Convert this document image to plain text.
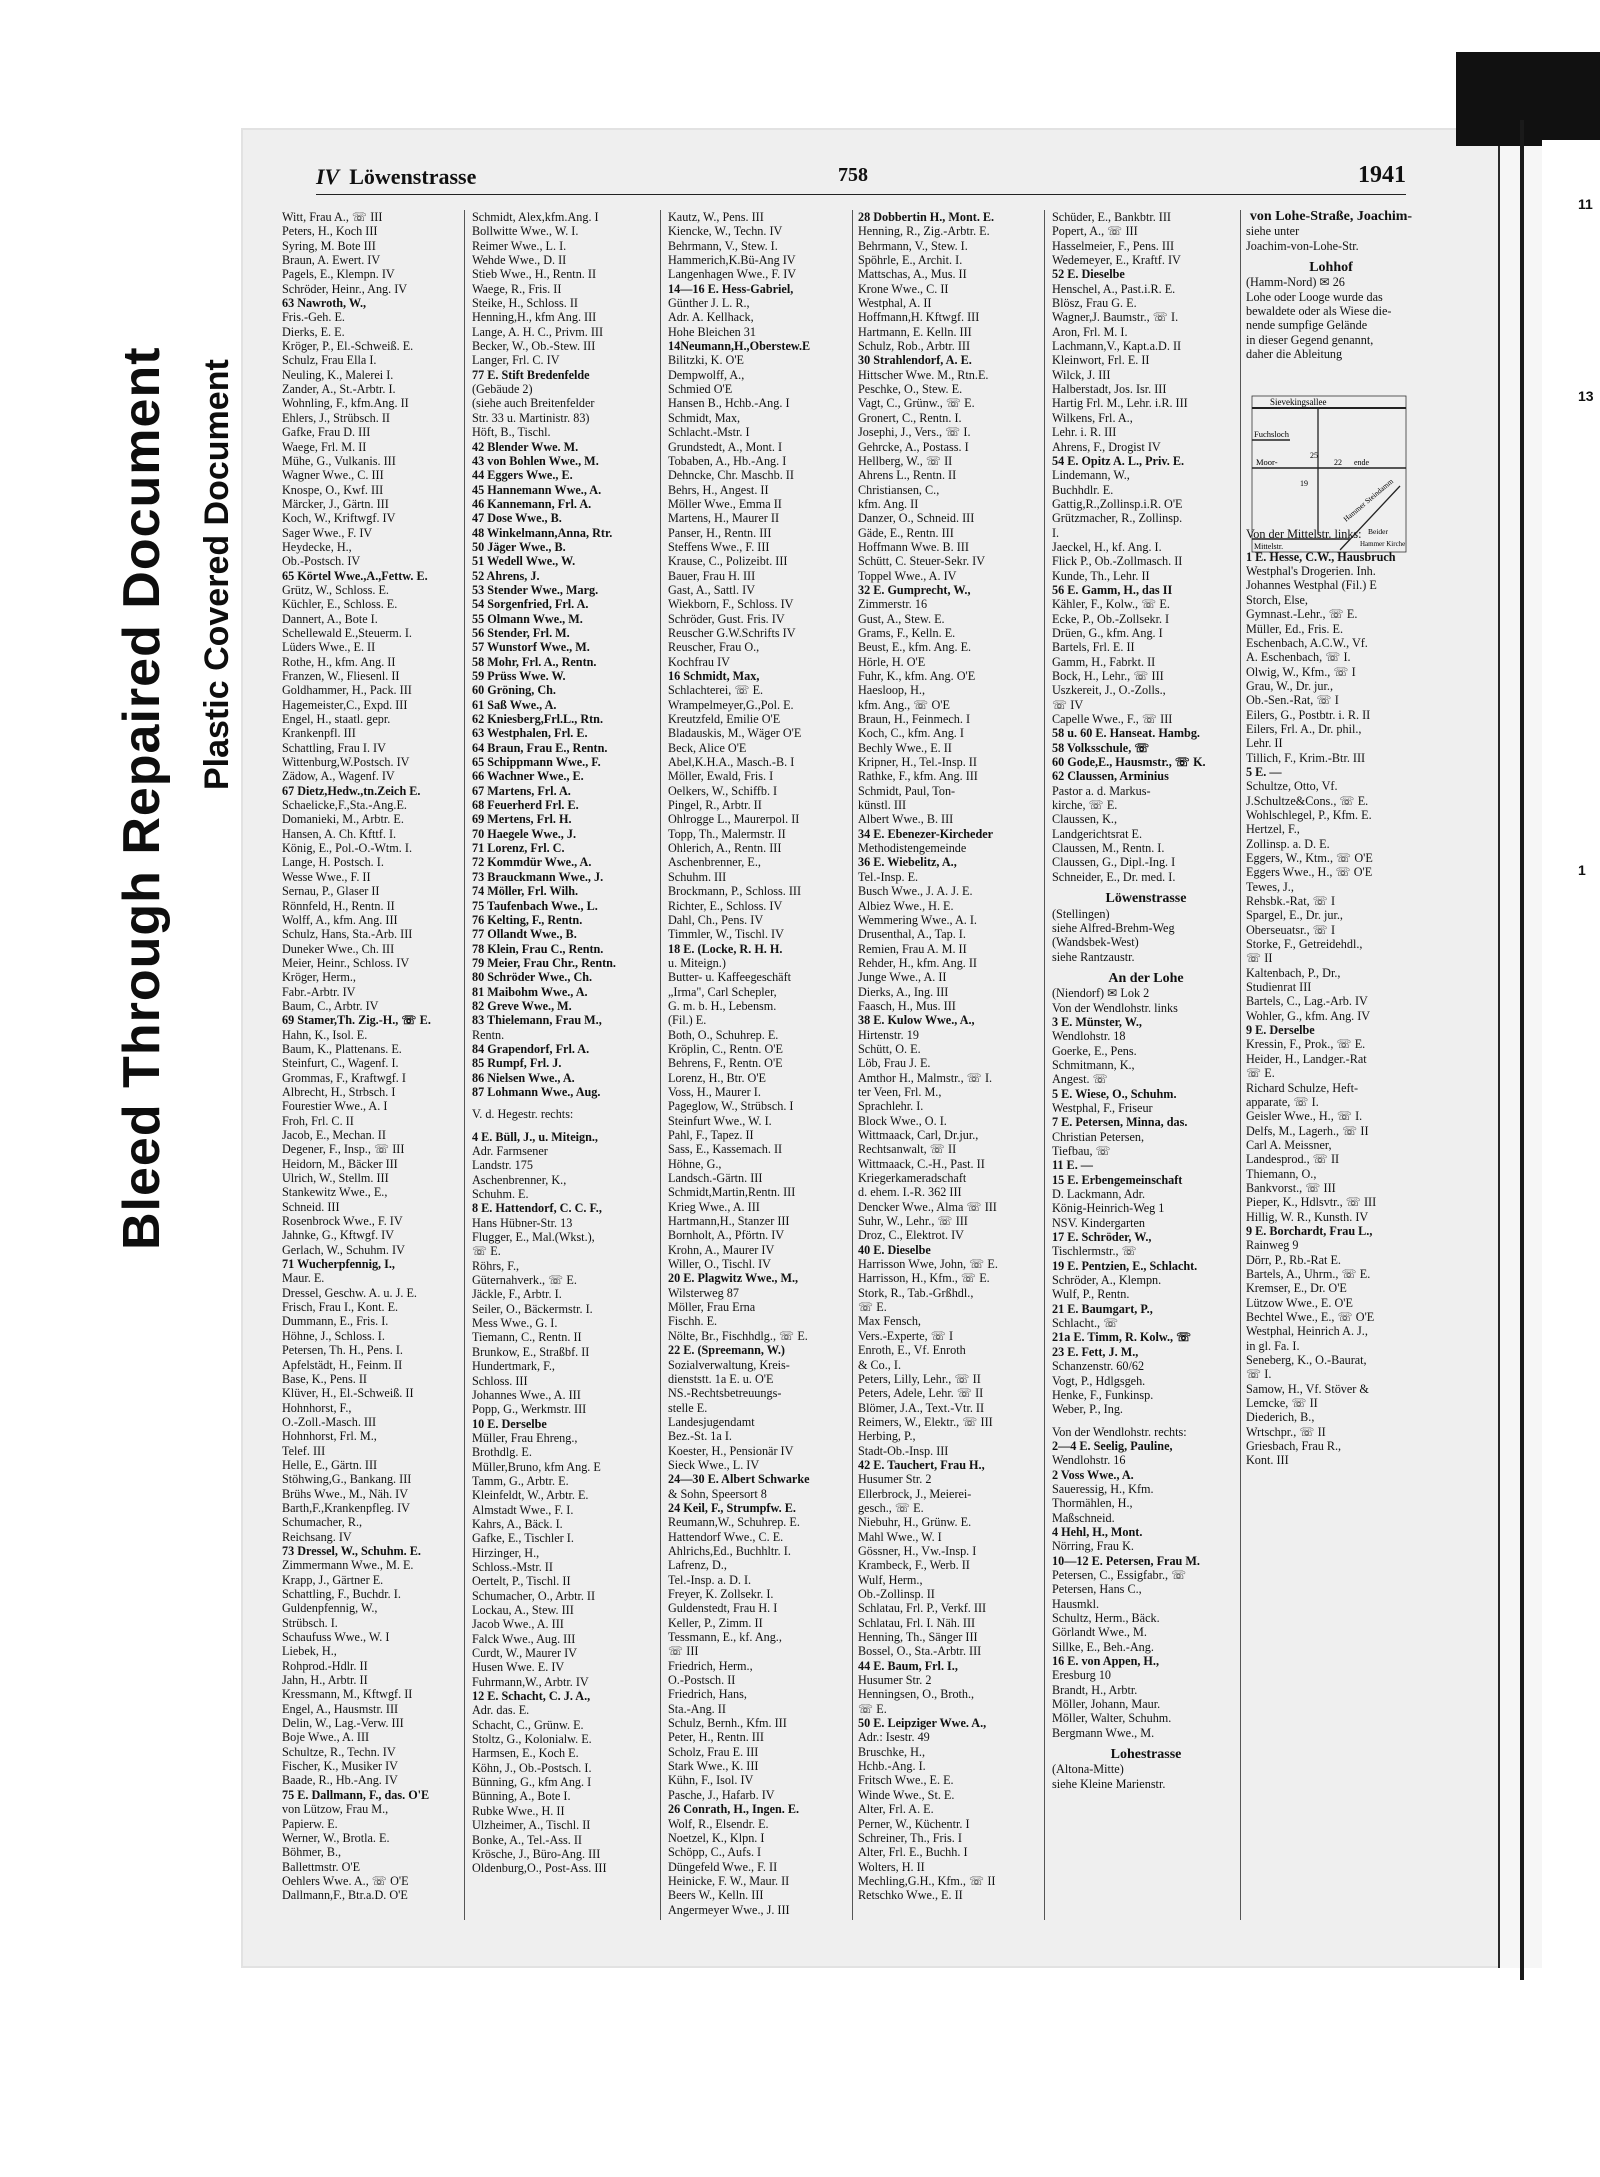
11
13
1
Bleed Through Repaired Document Plastic Covered Document
IV Löwenstrasse	758	1941
Witt, Frau A., ☏ III
Peters, H., Koch III
Syring, M. Bote III
Braun, A. Ewert. IV
Pagels, E., Klempn. IV
Schröder, Heinr., Ang. IV
63 Nawroth, W.,
Fris.-Geh. E.
Dierks, E. E.
Kröger, P., El.-Schweiß. E.
Schulz, Frau Ella I.
Neuling, K., Malerei I.
Zander, A., St.-Arbtr. I.
Wohnling, F., kfm.Ang. II
Ehlers, J., Strübsch. II
Gafke, Frau D. III
Waege, Frl. M. II
Mühe, G., Vulkanis. III
Wagner Wwe., C. III
Knospe, O., Kwf. III
Märcker, J., Gärtn. III
Koch, W., Kriftwgf. IV
Sager Wwe., F. IV
Heydecke, H.,
Ob.-Postsch. IV
65 Körtel Wwe.,A.,Fettw. E.
Grütz, W., Schloss. E.
Küchler, E., Schloss. E.
Dannert, A., Bote I.
Schellewald E.,Steuerm. I.
Lüders Wwe., E. II
Rothe, H., kfm. Ang. II
Franzen, W., Fliesenl. II
Goldhammer, H., Pack. III
Hagemeister,C., Expd. III
Engel, H., staatl. gepr.
Krankenpfl. III
Schattling, Frau I. IV
Wittenburg,W.Postsch. IV
Zädow, A., Wagenf. IV
67 Dietz,Hedw.,tn.Zeich E.
Schaelicke,F.,Sta.-Ang.E.
Domanieki, M., Arbtr. E.
Hansen, A. Ch. Kfttf. I.
König, E., Pol.-O.-Wtm. I.
Lange, H. Postsch. I.
Wesse Wwe., F. II
Sernau, P., Glaser II
Rönnfeld, H., Rentn. II
Wolff, A., kfm. Ang. III
Schulz, Hans, Sta.-Arb. III
Duneker Wwe., Ch. III
Meier, Heinr., Schloss. IV
Kröger, Herm.,
Fabr.-Arbtr. IV
Baum, C., Arbtr. IV
69 Stamer,Th. Zig.-H., ☏ E.
Hahn, K., Isol. E.
Baum, K., Plattenans. E.
Steinfurt, C., Wagenf. I.
Grommas, F., Kraftwgf. I
Albrecht, H., Strbsch. I
Fourestier Wwe., A. I
Froh, Frl. C. II
Jacob, E., Mechan. II
Degener, F., Insp., ☏ III
Heidorn, M., Bäcker III
Ulrich, W., Stellm. III
Stankewitz Wwe., E.,
Schneid. III
Rosenbrock Wwe., F. IV
Jahnke, G., Kftwgf. IV
Gerlach, W., Schuhm. IV
71 Wucherpfennig, I.,
Maur. E.
Dressel, Geschw. A. u. J. E.
Frisch, Frau I., Kont. E.
Dummann, E., Fris. I.
Höhne, J., Schloss. I.
Petersen, Th. H., Pens. I.
Apfelstädt, H., Feinm. II
Base, K., Pens. II
Klüver, H., El.-Schweiß. II
Hohnhorst, F.,
O.-Zoll.-Masch. III
Hohnhorst, Frl. M.,
Telef. III
Helle, E., Gärtn. III
Stöhwing,G., Bankang. III
Brühs Wwe., M., Näh. IV
Barth,F.,Krankenpfleg. IV
Schumacher, R.,
Reichsang. IV
73 Dressel, W., Schuhm. E.
Zimmermann Wwe., M. E.
Krapp, J., Gärtner E.
Schattling, F., Buchdr. I.
Guldenpfennig, W.,
Strübsch. I.
Schaufuss Wwe., W. I
Liebek, H.,
Rohprod.-Hdlr. II
Jahn, H., Arbtr. II
Kressmann, M., Kftwgf. II
Engel, A., Hausmstr. III
Delin, W., Lag.-Verw. III
Boje Wwe., A. III
Schultze, R., Techn. IV
Fischer, K., Musiker IV
Baade, R., Hb.-Ang. IV
75 E. Dallmann, F., das. O'E
von Lützow, Frau M.,
Papierw. E.
Werner, W., Brotla. E.
Böhmer, B.,
Ballettmstr. O'E
Oehlers Wwe. A., ☏ O'E
Dallmann,F., Btr.a.D. O'E
Schmidt, Alex,kfm.Ang. I
Bollwitte Wwe., W. I.
Reimer Wwe., L. I.
Wehde Wwe., D. II
Stieb Wwe., H., Rentn. II
Waege, R., Fris. II
Steike, H., Schloss. II
Henning,H., kfm Ang. III
Lange, A. H. C., Privm. III
Becker, W., Ob.-Stew. III
Langer, Frl. C. IV
77 E. Stift Bredenfelde
(Gebäude 2)
(siehe auch Breitenfelder
Str. 33 u. Martinistr. 83)
Höft, B., Tischl.
42 Blender Wwe. M.
43 von Bohlen Wwe., M.
44 Eggers Wwe., E.
45 Hannemann Wwe., A.
46 Kannemann, Frl. A.
47 Dose Wwe., B.
48 Winkelmann,Anna, Rtr.
50 Jäger Wwe., B.
51 Wedell Wwe., W.
52 Ahrens, J.
53 Stender Wwe., Marg.
54 Sorgenfried, Frl. A.
55 Olmann Wwe., M.
56 Stender, Frl. M.
57 Wunstorf Wwe., M.
58 Mohr, Frl. A., Rentn.
59 Prüss Wwe. W.
60 Gröning, Ch.
61 Saß Wwe., A.
62 Kniesberg,Frl.L., Rtn.
63 Westphalen, Frl. E.
64 Braun, Frau E., Rentn.
65 Schippmann Wwe., F.
66 Wachner Wwe., E.
67 Martens, Frl. A.
68 Feuerherd Frl. E.
69 Mertens, Frl. H.
70 Haegele Wwe., J.
71 Lorenz, Frl. C.
72 Kommdür Wwe., A.
73 Brauckmann Wwe., J.
74 Möller, Frl. Wilh.
75 Taufenbach Wwe., L.
76 Kelting, F., Rentn.
77 Ollandt Wwe., B.
78 Klein, Frau C., Rentn.
79 Meier, Frau Chr., Rentn.
80 Schröder Wwe., Ch.
81 Maibohm Wwe., A.
82 Greve Wwe., M.
83 Thielemann, Frau M.,
Rentn.
84 Grapendorf, Frl. A.
85 Rumpf, Frl. J.
86 Nielsen Wwe., A.
87 Lohmann Wwe., Aug.
V. d. Hegestr. rechts:
4 E. Büll, J., u. Miteign.,
Adr. Farmsener
Landstr. 175
Aschenbrenner, K.,
Schuhm. E.
8 E. Hattendorf, C. C. F.,
Hans Hübner-Str. 13
Flugger, E., Mal.(Wkst.),
☏ E.
Röhrs, F.,
Güternahverk., ☏ E.
Jäckle, F., Arbtr. I.
Seiler, O., Bäckermstr. I.
Mess Wwe., G. I.
Tiemann, C., Rentn. II
Brunkow, E., Straßbf. II
Hundertmark, F.,
Schloss. III
Johannes Wwe., A. III
Popp, G., Werkmstr. III
10 E. Derselbe
Müller, Frau Ehreng.,
Brothdlg. E.
Müller,Bruno, kfm Ang. E
Tamm, G., Arbtr. E.
Kleinfeldt, W., Arbtr. E.
Almstadt Wwe., F. I.
Kahrs, A., Bäck. I.
Gafke, E., Tischler I.
Hirzinger, H.,
Schloss.-Mstr. II
Oertelt, P., Tischl. II
Schumacher, O., Arbtr. II
Lockau, A., Stew. III
Jacob Wwe., A. III
Falck Wwe., Aug. III
Curdt, W., Maurer IV
Husen Wwe. E. IV
Fuhrmann,W., Arbtr. IV
12 E. Schacht, C. J. A.,
Adr. das. E.
Schacht, C., Grünw. E.
Stoltz, G., Kolonialw. E.
Harmsen, E., Koch E.
Köhn, J., Ob.-Postsch. I.
Bünning, G., kfm Ang. I
Bünning, A., Bote I.
Rubke Wwe., H. II
Ulzheimer, A., Tischl. II
Bonke, A., Tel.-Ass. II
Krösche, J., Büro-Ang. III
Oldenburg,O., Post-Ass. III
Kautz, W., Pens. III
Kiencke, W., Techn. IV
Behrmann, V., Stew. I.
Hammerich,K.Bü-Ang IV
Langenhagen Wwe., F. IV
14—16 E. Hess-Gabriel,
Günther J. L. R.,
Adr. A. Kellhack,
Hohe Bleichen 31
14Neumann,H.,Oberstew.E
Bilitzki, K. O'E
Dempwolff, A.,
Schmied O'E
Hansen B., Hchb.-Ang. I
Schmidt, Max,
Schlacht.-Mstr. I
Grundstedt, A., Mont. I
Tobaben, A., Hb.-Ang. I
Dehncke, Chr. Maschb. II
Behrs, H., Angest. II
Möller Wwe., Emma II
Martens, H., Maurer II
Panser, H., Rentn. III
Steffens Wwe., F. III
Krause, C., Polizeibt. III
Bauer, Frau H. III
Gast, A., Sattl. IV
Wiekborn, F., Schloss. IV
Schröder, Gust. Fris. IV
Reuscher G.W.Schrifts IV
Reuscher, Frau O.,
Kochfrau IV
16 Schmidt, Max,
Schlachterei, ☏ E.
Wrampelmeyer,G.,Pol. E.
Kreutzfeld, Emilie O'E
Bladauskis, M., Wäger O'E
Beck, Alice O'E
Abel,K.H.A., Masch.-B. I
Möller, Ewald, Fris. I
Oelkers, W., Schiffb. I
Pingel, R., Arbtr. II
Ohlrogge L., Maurerpol. II
Topp, Th., Malermstr. II
Ohlerich, A., Rentn. III
Aschenbrenner, E.,
Schuhm. III
Brockmann, P., Schloss. III
Richter, E., Schloss. IV
Dahl, Ch., Pens. IV
Timmler, W., Tischl. IV
18 E. (Locke, R. H. H.
u. Miteign.)
Butter- u. Kaffeegeschäft
„Irma", Carl Schepler,
G. m. b. H., Lebensm.
(Fil.) E.
Both, O., Schuhrep. E.
Kröplin, C., Rentn. O'E
Behrens, F., Rentn. O'E
Lorenz, H., Btr. O'E
Voss, H., Maurer I.
Pageglow, W., Strübsch. I
Steinfurt Wwe., W. I.
Pahl, F., Tapez. II
Sass, E., Kassemach. II
Höhne, G.,
Landsch.-Gärtn. III
Schmidt,Martin,Rentn. III
Krieg Wwe., A. III
Hartmann,H., Stanzer III
Bornholt, A., Pförtn. IV
Krohn, A., Maurer IV
Willer, O., Tischl. IV
20 E. Plagwitz Wwe., M.,
Wilsterweg 87
Möller, Frau Erna
Fischh. E.
Nölte, Br., Fischhdlg., ☏ E.
22 E. (Spreemann, W.)
Sozialverwaltung, Kreis-
dienststt. 1a E. u. O'E
NS.-Rechtsbetreuungs-
stelle E.
Landesjugendamt
Bez.-St. 1a I.
Koester, H., Pensionär IV
Sieck Wwe., L. IV
24—30 E. Albert Schwarke
& Sohn, Speersort 8
24 Keil, F., Strumpfw. E.
Reumann,W., Schuhrep. E.
Hattendorf Wwe., C. E.
Ahlrichs,Ed., Buchhltr. I.
Lafrenz, D.,
Tel.-Insp. a. D. I.
Freyer, K. Zollsekr. I.
Guldenstedt, Frau H. I
Keller, P., Zimm. II
Tessmann, E., kf. Ang.,
☏ III
Friedrich, Herm.,
O.-Postsch. II
Friedrich, Hans,
Sta.-Ang. II
Schulz, Bernh., Kfm. III
Peter, H., Rentn. III
Scholz, Frau E. III
Stark Wwe., K. III
Kühn, F., Isol. IV
Pasche, J., Hafarb. IV
26 Conrath, H., Ingen. E.
Wolf, R., Elsendr. E.
Noetzel, K., Klpn. I
Schöpp, C., Aufs. I
Düngefeld Wwe., F. II
Heinicke, F. W., Maur. II
Beers W., Kelln. III
Angermeyer Wwe., J. III
28 Dobbertin H., Mont. E.
Henning, R., Zig.-Arbtr. E.
Behrmann, V., Stew. I.
Spöhrle, E., Archit. I.
Mattschas, A., Mus. II
Krone Wwe., C. II
Westphal, A. II
Hoffmann,H. Kftwgf. III
Hartmann, E. Kelln. III
Schulz, Rob., Arbtr. III
30 Strahlendorf, A. E.
Hittscher Wwe. M., Rtn.E.
Peschke, O., Stew. E.
Vagt, C., Grünw., ☏ E.
Gronert, C., Rentn. I.
Josephi, J., Vers., ☏ I.
Gehrcke, A., Postass. I
Hellberg, W., ☏ II
Ahrens L., Rentn. II
Christiansen, C.,
kfm. Ang. II
Danzer, O., Schneid. III
Gäde, E., Rentn. III
Hoffmann Wwe. B. III
Schütt, C. Steuer-Sekr. IV
Toppel Wwe., A. IV
32 E. Gumprecht, W.,
Zimmerstr. 16
Gust, A., Stew. E.
Grams, F., Kelln. E.
Beust, E., kfm. Ang. E.
Hörle, H. O'E
Fuhr, K., kfm. Ang. O'E
Haesloop, H.,
kfm. Ang., ☏ O'E
Braun, H., Feinmech. I
Koch, C., kfm. Ang. I
Bechly Wwe., E. II
Kripner, H., Tel.-Insp. II
Rathke, F., kfm. Ang. III
Schmidt, Paul, Ton-
künstl. III
Albert Wwe., B. III
34 E. Ebenezer-Kircheder
Methodistengemeinde
36 E. Wiebelitz, A.,
Tel.-Insp. E.
Busch Wwe., J. A. J. E.
Albiez Wwe., H. E.
Wemmering Wwe., A. I.
Drusenthal, A., Tap. I.
Remien, Frau A. M. II
Rehder, H., kfm. Ang. II
Junge Wwe., A. II
Dierks, A., Ing. III
Faasch, H., Mus. III
38 E. Kulow Wwe., A.,
Hirtenstr. 19
Schütt, O. E.
Löb, Frau J. E.
Amthor H., Malmstr., ☏ I.
ter Veen, Frl. M.,
Sprachlehr. I.
Block Wwe., O. I.
Wittmaack, Carl, Dr.jur.,
Rechtsanwalt, ☏ II
Wittmaack, C.-H., Past. II
Kriegerkameradschaft
d. ehem. I.-R. 362 III
Dencker Wwe., Alma ☏ III
Suhr, W., Lehr., ☏ III
Droz, C., Elektrot. IV
40 E. Dieselbe
Harrisson Wwe, John, ☏ E.
Harrisson, H., Kfm., ☏ E.
Stork, R., Tab.-Grßhdl.,
☏ E.
Max Fensch,
Vers.-Experte, ☏ I
Enroth, E., Vf. Enroth
& Co., I.
Peters, Lilly, Lehr., ☏ II
Peters, Adele, Lehr. ☏ II
Blömer, J.A., Text.-Vtr. II
Reimers, W., Elektr., ☏ III
Herbing, P.,
Stadt-Ob.-Insp. III
42 E. Tauchert, Frau H.,
Husumer Str. 2
Ellerbrock, J., Meierei-
gesch., ☏ E.
Niebuhr, H., Grünw. E.
Mahl Wwe., W. I
Gössner, H., Vw.-Insp. I
Krambeck, F., Werb. II
Wulf, Herm.,
Ob.-Zollinsp. II
Schlatau, Frl. P., Verkf. III
Schlatau, Frl. I. Näh. III
Henning, Th., Sänger III
Bossel, O., Sta.-Arbtr. III
44 E. Baum, Frl. I.,
Husumer Str. 2
Henningsen, O., Broth.,
☏ E.
50 E. Leipziger Wwe. A.,
Adr.: Isestr. 49
Bruschke, H.,
Hchb.-Ang. I.
Fritsch Wwe., E. E.
Winde Wwe., St. E.
Alter, Frl. A. E.
Perner, W., Küchentr. I
Schreiner, Th., Fris. I
Alter, Frl. E., Buchh. I
Wolters, H. II
Mechling,G.H., Kfm., ☏ II
Retschko Wwe., E. II
Schüder, E., Bankbtr. III
Popert, A., ☏ III
Hasselmeier, F., Pens. III
Wedemeyer, E., Kraftf. IV
52 E. Dieselbe
Henschel, A., Past.i.R. E.
Blösz, Frau G. E.
Wagner,J. Baumstr., ☏ I.
Aron, Frl. M. I.
Lachmann,V., Kapt.a.D. II
Kleinwort, Frl. E. II
Wilck, J. III
Halberstadt, Jos. Isr. III
Hartig Frl. M., Lehr. i.R. III
Wilkens, Frl. A.,
Lehr. i. R. III
Ahrens, F., Drogist IV
54 E. Opitz A. L., Priv. E.
Lindemann, W.,
Buchhdlr. E.
Gattig,R.,Zollinsp.i.R. O'E
Grützmacher, R., Zollinsp.
I.
Jaeckel, H., kf. Ang. I.
Flick P., Ob.-Zollmasch. II
Kunde, Th., Lehr. II
56 E. Gamm, H., das II
Kähler, F., Kolw., ☏ E.
Ecke, P., Ob.-Zollsekr. I
Drüen, G., kfm. Ang. I
Bartels, Frl. E. II
Gamm, H., Fabrkt. II
Bock, H., Lehr., ☏ III
Uszkereit, J., O.-Zolls.,
☏ IV
Capelle Wwe., F., ☏ III
58 u. 60 E. Hanseat. Hambg.
58 Volksschule, ☏
60 Gode,E., Hausmstr., ☏ K.
62 Claussen, Arminius
Pastor a. d. Markus-
kirche, ☏ E.
Claussen, K.,
Landgerichtsrat E.
Claussen, M., Rentn. I.
Claussen, G., Dipl.-Ing. I
Schneider, E., Dr. med. I.
Löwenstrasse
(Stellingen)
siehe Alfred-Brehm-Weg
(Wandsbek-West)
siehe Rantzaustr.
An der Lohe
(Niendorf) ✉ Lok 2
Von der Wendlohstr. links
3 E. Münster, W.,
Wendlohstr. 18
Goerke, E., Pens.
Schmitmann, K.,
Angest. ☏
5 E. Wiese, O., Schuhm.
Westphal, F., Friseur
7 E. Petersen, Minna, das.
Christian Petersen,
Tiefbau, ☏
11 E. —
15 E. Erbengemeinschaft
D. Lackmann, Adr.
König-Heinrich-Weg 1
NSV. Kindergarten
17 E. Schröder, W.,
Tischlermstr., ☏
19 E. Pentzien, E., Schlacht.
Schröder, A., Klempn.
Wulf, P., Rentn.
21 E. Baumgart, P.,
Schlacht., ☏
21a E. Timm, R. Kolw., ☏
23 E. Fett, J. M.,
Schanzenstr. 60/62
Vogt, P., Hdlgsgeh.
Henke, F., Funkinsp.
Weber, P., Ing.
Von der Wendlohstr. rechts:
2—4 E. Seelig, Pauline,
Wendlohstr. 16
2 Voss Wwe., A.
Saueressig, H., Kfm.
Thormählen, H.,
Maßschneid.
4 Hehl, H., Mont.
Nörring, Frau K.
10—12 E. Petersen, Frau M.
Petersen, C., Essigfabr., ☏
Petersen, Hans C.,
Hausmkl.
Schultz, Herm., Bäck.
Görlandt Wwe., M.
Sillke, E., Beh.-Ang.
16 E. von Appen, H.,
Eresburg 10
Brandt, H., Arbtr.
Möller, Johann, Maur.
Möller, Walter, Schuhm.
Bergmann Wwe., M.
Lohestrasse
(Altona-Mitte)
siehe Kleine Marienstr.
von Lohe-Straße, Joachim-
siehe unter
Joachim-von-Lohe-Str.
Lohhof
(Hamm-Nord) ✉ 26
Lohe oder Looge wurde das
bewaldete oder als Wiese die-
nende sumpfige Gelände
in dieser Gegend genannt,
daher die Ableitung
Von der Mittelstr. links:
1 E. Hesse, C.W., Hausbruch
Westphal's Drogerien. Inh.
Johannes Westphal (Fil.) E
Storch, Else,
Gymnast.-Lehr., ☏ E.
Müller, Ed., Fris. E.
Eschenbach, A.C.W., Vf.
A. Eschenbach, ☏ I.
Olwig, W., Kfm., ☏ I
Grau, W., Dr. jur.,
Ob.-Sen.-Rat, ☏ I
Eilers, G., Postbtr. i. R. II
Eilers, Frl. A., Dr. phil.,
Lehr. II
Tillich, F., Krim.-Btr. III
5 E. —
Schultze, Otto, Vf.
J.Schultze&Cons., ☏ E.
Wohlschlegel, P., Kfm. E.
Hertzel, F.,
Zollinsp. a. D. E.
Eggers, W., Ktm., ☏ O'E
Eggers Wwe., H., ☏ O'E
Tewes, J.,
Rehsbk.-Rat, ☏ I
Spargel, E., Dr. jur.,
Oberseuatsr., ☏ I
Storke, F., Getreidehdl.,
☏ II
Kaltenbach, P., Dr.,
Studienrat III
Bartels, C., Lag.-Arb. IV
Wohler, G., kfm. Ang. IV
9 E. Derselbe
Kressin, F., Prok., ☏ E.
Heider, H., Landger.-Rat
☏ E.
Richard Schulze, Heft-
apparate, ☏ I.
Geisler Wwe., H., ☏ I.
Delfs, M., Lagerh., ☏ II
Carl A. Meissner,
Landesprod., ☏ II
Thiemann, O.,
Bankvorst., ☏ III
Pieper, K., Hdlsvtr., ☏ III
Hillig, W. R., Kunsth. IV
9 E. Borchardt, Frau L.,
Rainweg 9
Dörr, P., Rb.-Rat E.
Bartels, A., Uhrm., ☏ E.
Kremser, E., Dr. O'E
Lützow Wwe., E. O'E
Bechtel Wwe., E., ☏ O'E
Westphal, Heinrich A. J.,
in gl. Fa. I.
Seneberg, K., O.-Baurat,
☏ I.
Samow, H., Vf. Stöver &
Lemcke, ☏ II
Diederich, B.,
Wrtschpr., ☏ II
Griesbach, Frau R.,
Kont. III
Sievekingsallee
Fuchsloch
Moor-
25
22 ende
19	Hammer Steindamm
Beider
Hammer Kirche
Mittelstr.
